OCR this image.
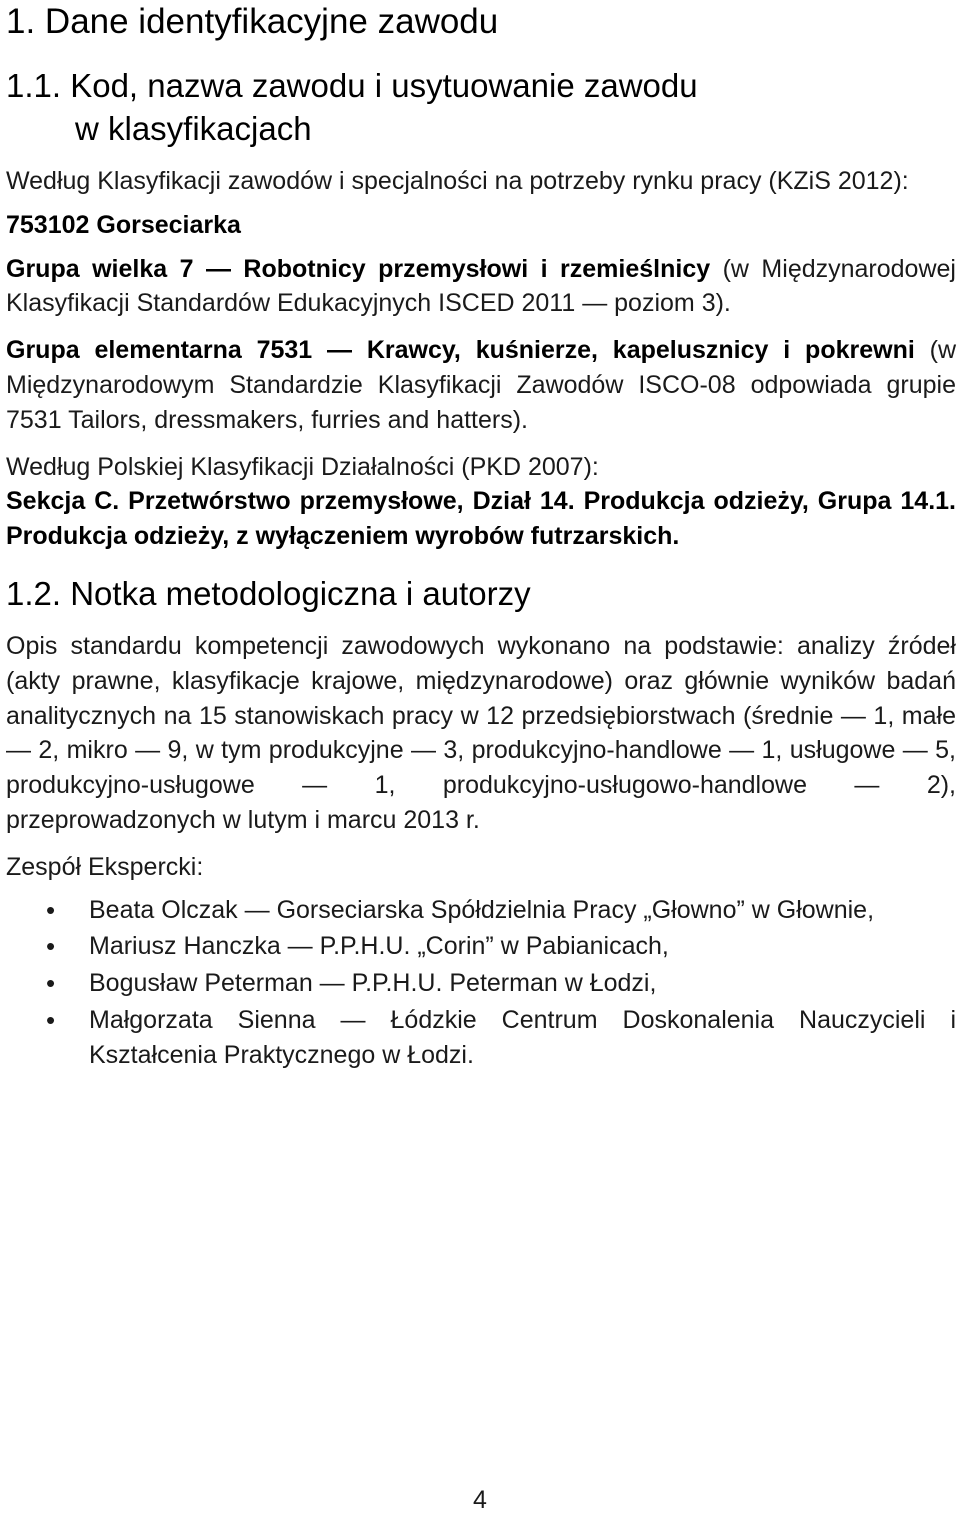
1. Dane identyfikacyjne zawodu
1.1. Kod, nazwa zawodu i usytuowanie zawodu
w klasyfikacjach

Według Klasyfikacji zawodów i specjalności na potrzeby rynku pracy (KZiS 2012):

753102 Gorseciarka

Grupa wielka 7 — Robotnicy przemysłowi i rzemieślnicy (w Międzynarodowej Klasyfikacji Standardów Edukacyjnych ISCED 2011 — poziom 3).

Grupa elementarna 7531 — Krawcy, kuśnierze, kapelusznicy i pokrewni (w Międzynarodowym Standardzie Klasyfikacji Zawodów ISCO-08 odpowiada grupie 7531 Tailors, dressmakers, furries and hatters).

Według Polskiej Klasyfikacji Działalności (PKD 2007):

Sekcja C. Przetwórstwo przemysłowe, Dział 14. Produkcja odzieży, Grupa 14.1. Produkcja odzieży, z wyłączeniem wyrobów futrzarskich.

1.2. Notka metodologiczna i autorzy

Opis standardu kompetencji zawodowych wykonano na podstawie: analizy źródeł (akty prawne, klasyfikacje krajowe, międzynarodowe) oraz głównie wyników badań analitycznych na 15 stanowiskach pracy w 12 przedsiębiorstwach (średnie — 1, małe — 2, mikro — 9, w tym produkcyjne — 3, produkcyjno-handlowe — 1, usługowe — 5, produkcyjno-usługowe — 1, produkcyjno-usługowo-handlowe — 2), przeprowadzonych w lutym i marcu 2013 r.

Zespół Ekspercki:

• Beata Olczak — Gorseciarska Spółdzielnia Pracy „Głowno” w Głownie,
• Mariusz Hanczka — P.P.H.U. „Corin” w Pabianicach,
• Bogusław Peterman — P.P.H.U. Peterman w Łodzi,
• Małgorzata Sienna — Łódzkie Centrum Doskonalenia Nauczycieli i Kształcenia Praktycznego w Łodzi.
4
